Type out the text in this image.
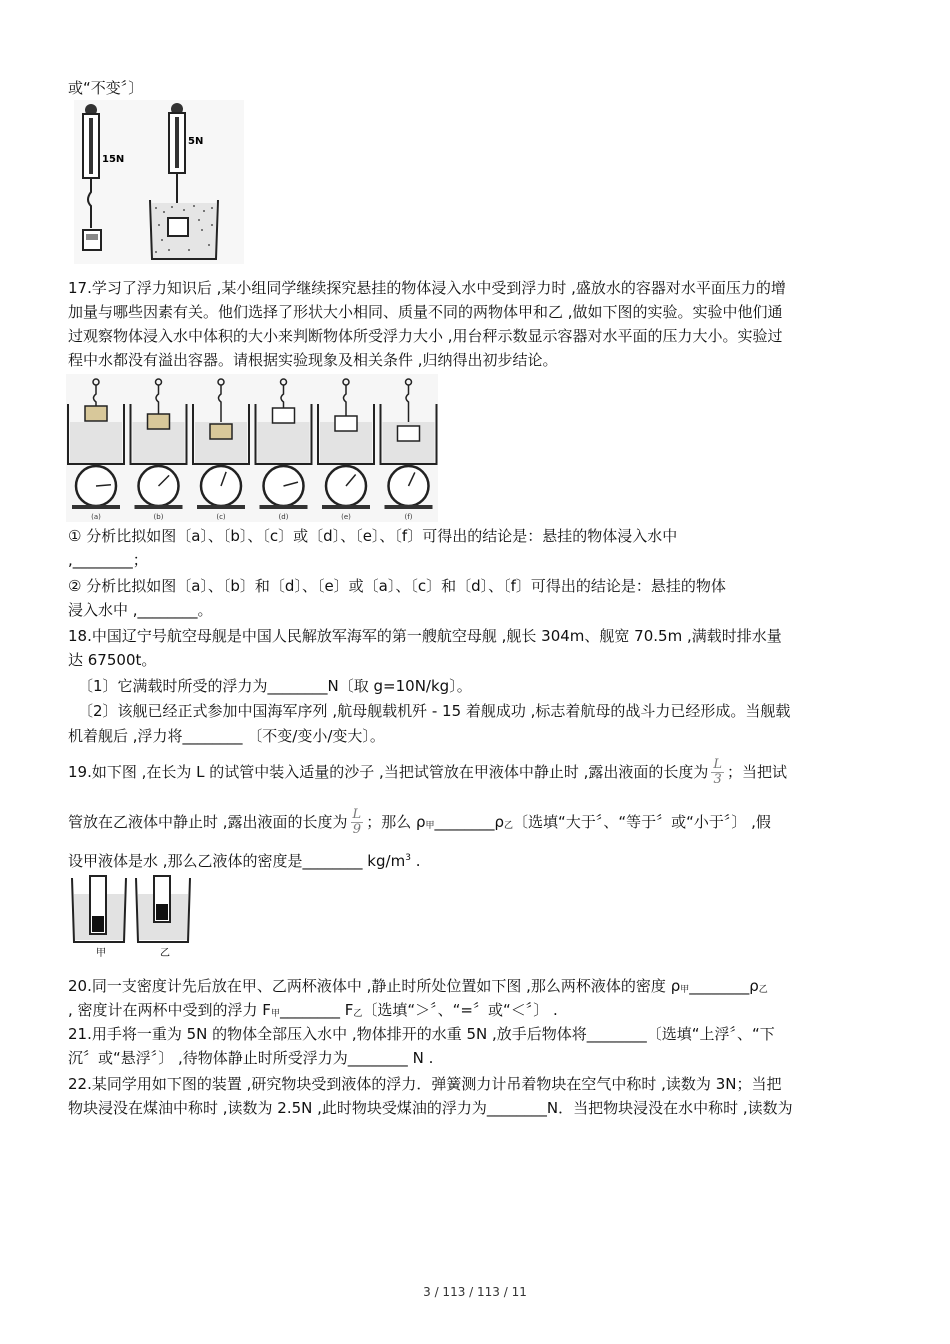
或“不变〞〕
15N
5N
17.学习了浮力知识后 ,某小组同学继续探究悬挂的物体浸入水中受到浮力时 ,盛放水的容器对水平面压力的增
加量与哪些因素有关。他们选择了形状大小相同、质量不同的两物体甲和乙 ,做如下图的实验。实验中他们通
过观察物体浸入水中体积的大小来判断物体所受浮力大小 ,用台秤示数显示容器对水平面的压力大小。实验过
程中水都没有溢出容器。请根据实验现象及相关条件 ,归纳得出初步结论。
(a)	(b)	(c)	(d)	(e)	(f)
① 分析比拟如图〔a〕、〔b〕、〔c〕或〔d〕、〔e〕、〔f〕可得出的结论是：悬挂的物体浸入水中
,________；
② 分析比拟如图〔a〕、〔b〕和〔d〕、〔e〕或〔a〕、〔c〕和〔d〕、〔f〕可得出的结论是：悬挂的物体
浸入水中 ,________。
18.中国辽宁号航空母舰是中国人民解放军海军的第一艘航空母舰 ,舰长 304m、舰宽 70.5m ,满载时排水量
达 67500t。
〔1〕它满载时所受的浮力为________N〔取 g=10N/kg〕。
〔2〕该舰已经正式参加中国海军序列 ,航母舰载机歼 - 15 着舰成功 ,标志着航母的战斗力已经形成。当舰载
机着舰后 ,浮力将________ 〔不变/变小/变大〕。
19.如下图 ,在长为 L 的试管中装入适量的沙子 ,当把试管放在甲液体中静止时 ,露出液面的长度为 $\frac{L}{3}$ ；当把试
管放在乙液体中静止时 ,露出液面的长度为 $\frac{L}{9}$ ；那么 ρ甲________ρ乙〔选填“大于〞、“等于〞或“小于〞〕 ,假
设甲液体是水 ,那么乙液体的密度是________ $kg/m^3$ .
甲	乙
20.同一支密度计先后放在甲、乙两杯液体中 ,静止时所处位置如下图 ,那么两杯液体的密度 ρ甲________ρ乙
, 密度计在两杯中受到的浮力 F甲________ F乙〔选填“＞〞、“=〞或“＜〞〕 .
21.用手将一重为 5N 的物体全部压入水中 ,物体排开的水重 5N ,放手后物体将________〔选填“上浮〞、“下
沉〞或“悬浮〞〕 ,待物体静止时所受浮力为________ N .
22.某同学用如下图的装置 ,研究物块受到液体的浮力．弹簧测力计吊着物块在空气中称时 ,读数为 3N；当把
物块浸没在煤油中称时 ,读数为 2.5N ,此时物块受煤油的浮力为________N．当把物块浸没在水中称时 ,读数为
3 / 113 / 113 / 11
